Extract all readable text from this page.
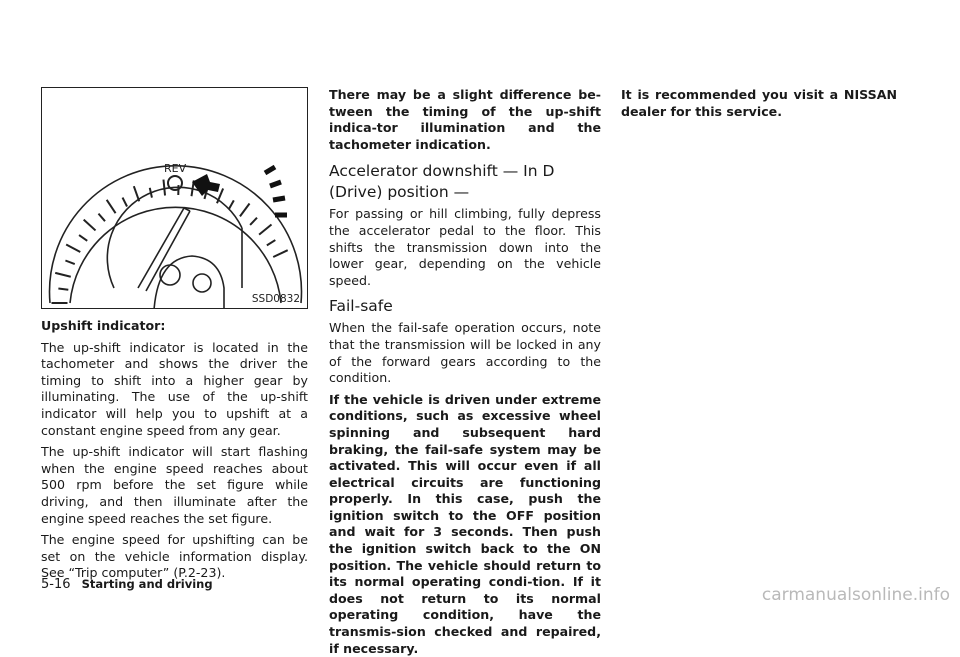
REV
SSD0832

Upshift indicator:

The up-shift indicator is located in the tachometer and shows the driver the timing to shift into a higher gear by illuminating. The use of the up-shift indicator will help you to upshift at a constant engine speed from any gear.

The up-shift indicator will start flashing when the engine speed reaches about 500 rpm before the set figure while driving, and then illuminate after the engine speed reaches the set figure.

The engine speed for upshifting can be set on the vehicle information display. See “Trip computer” (P.2-23).

There may be a slight difference be-tween the timing of the up-shift indica-tor illumination and the tachometer indication.

Accelerator downshift — In D (Drive) position —

For passing or hill climbing, fully depress the accelerator pedal to the floor. This shifts the transmission down into the lower gear, depending on the vehicle speed.

Fail-safe

When the fail-safe operation occurs, note that the transmission will be locked in any of the forward gears according to the condition.

If the vehicle is driven under extreme conditions, such as excessive wheel spinning and subsequent hard braking, the fail-safe system may be activated. This will occur even if all electrical circuits are functioning properly. In this case, push the ignition switch to the OFF position and wait for 3 seconds. Then push the ignition switch back to the ON position. The vehicle should return to its normal operating condi-tion. If it does not return to its normal operating condition, have the transmis-sion checked and repaired, if necessary.

It is recommended you visit a NISSAN dealer for this service.

5-16 Starting and driving
carmanualsonline.info
